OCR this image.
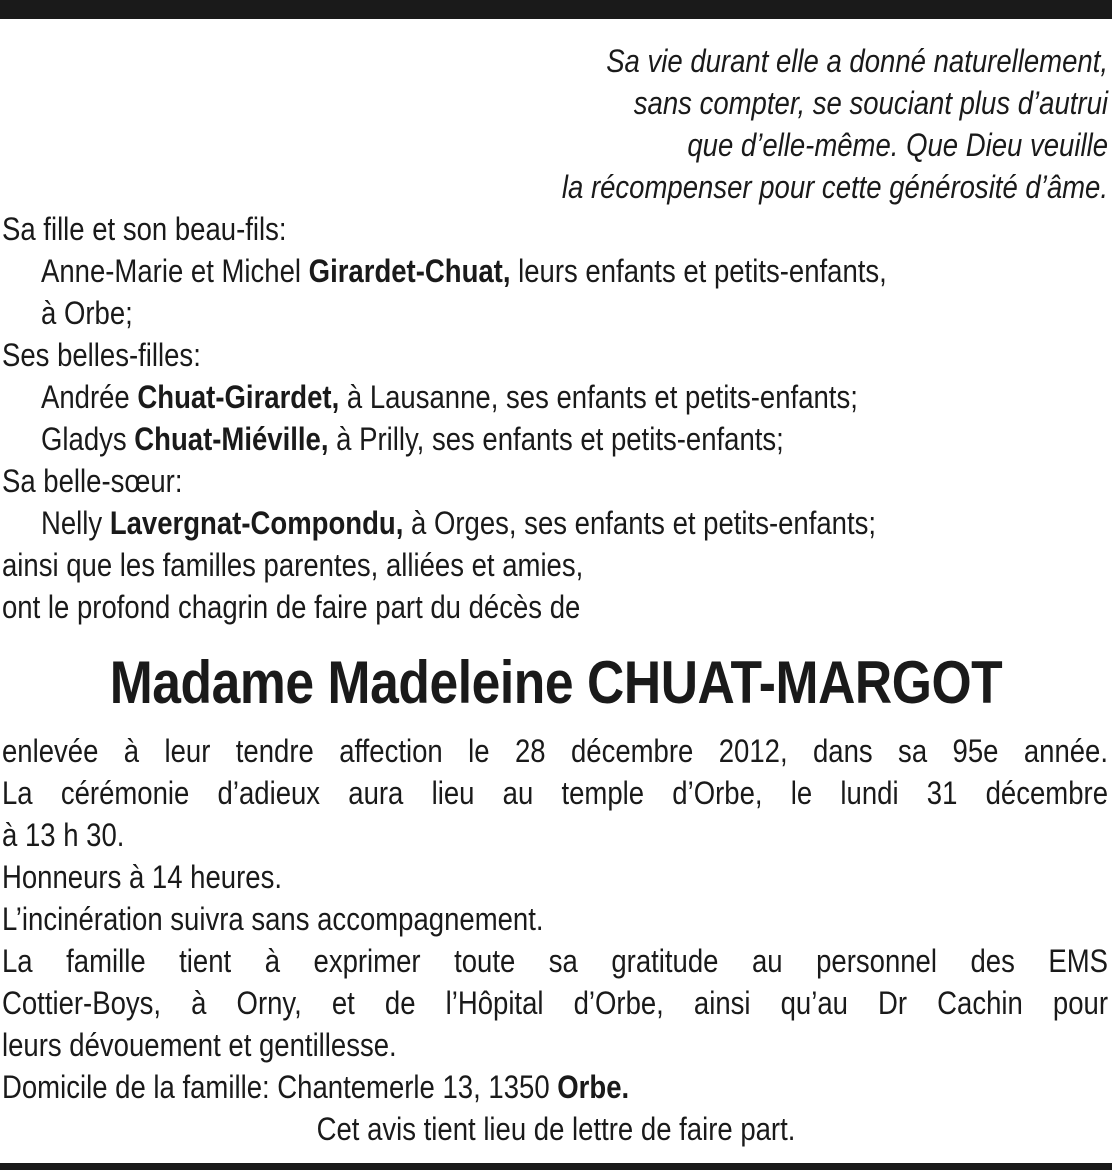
Sa vie durant elle a donné naturellement,
sans compter, se souciant plus d’autrui
que d’elle-même. Que Dieu veuille
la récompenser pour cette générosité d’âme.
Sa fille et son beau-fils:
Anne-Marie et Michel Girardet-Chuat, leurs enfants et petits-enfants,
à Orbe;
Ses belles-filles:
Andrée Chuat-Girardet, à Lausanne, ses enfants et petits-enfants;
Gladys Chuat-Miéville, à Prilly, ses enfants et petits-enfants;
Sa belle-sœur:
Nelly Lavergnat-Compondu, à Orges, ses enfants et petits-enfants;
ainsi que les familles parentes, alliées et amies,
ont le profond chagrin de faire part du décès de
Madame Madeleine CHUAT-MARGOT
enlevée à leur tendre affection le 28 décembre 2012, dans sa 95e année.
La cérémonie d’adieux aura lieu au temple d’Orbe, le lundi 31 décembre
à 13 h 30.
Honneurs à 14 heures.
L’incinération suivra sans accompagnement.
La famille tient à exprimer toute sa gratitude au personnel des EMS
Cottier-Boys, à Orny, et de l’Hôpital d’Orbe, ainsi qu’au Dr Cachin pour
leurs dévouement et gentillesse.
Domicile de la famille: Chantemerle 13, 1350 Orbe.
Cet avis tient lieu de lettre de faire part.
